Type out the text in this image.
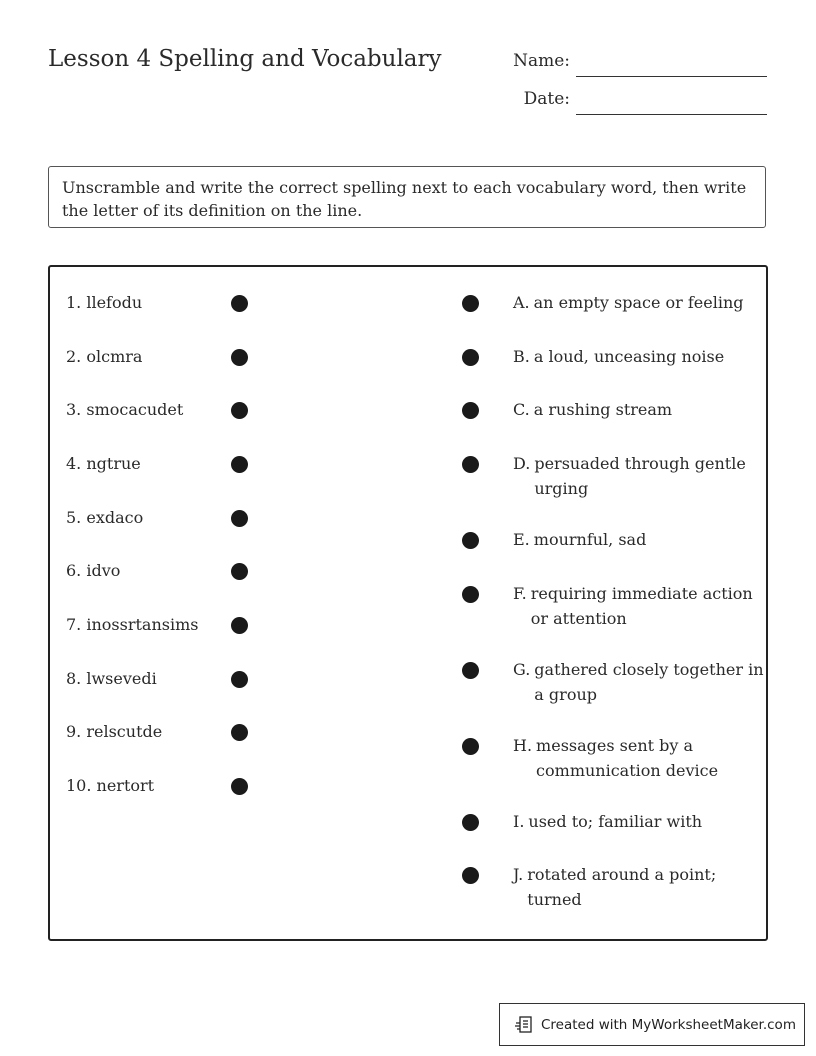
Lesson 4 Spelling and Vocabulary	Name:
Date:
Unscramble and write the correct spelling next to each vocabulary word, then write the letter of its definition on the line.
1. llefodu
2. olcmra
3. smocacudet
4. ngtrue
5. exdaco
6. idvo
7. inossrtansims
8. lwsevedi
9. relscutde
10. nertort
A. an empty space or feeling
B. a loud, unceasing noise
C. a rushing stream
D. persuaded through gentle urging
E. mournful, sad
F. requiring immediate action or attention
G. gathered closely together in a group
H. messages sent by a communication device
I. used to; familiar with
J. rotated around a point; turned
Created with MyWorksheetMaker.com
